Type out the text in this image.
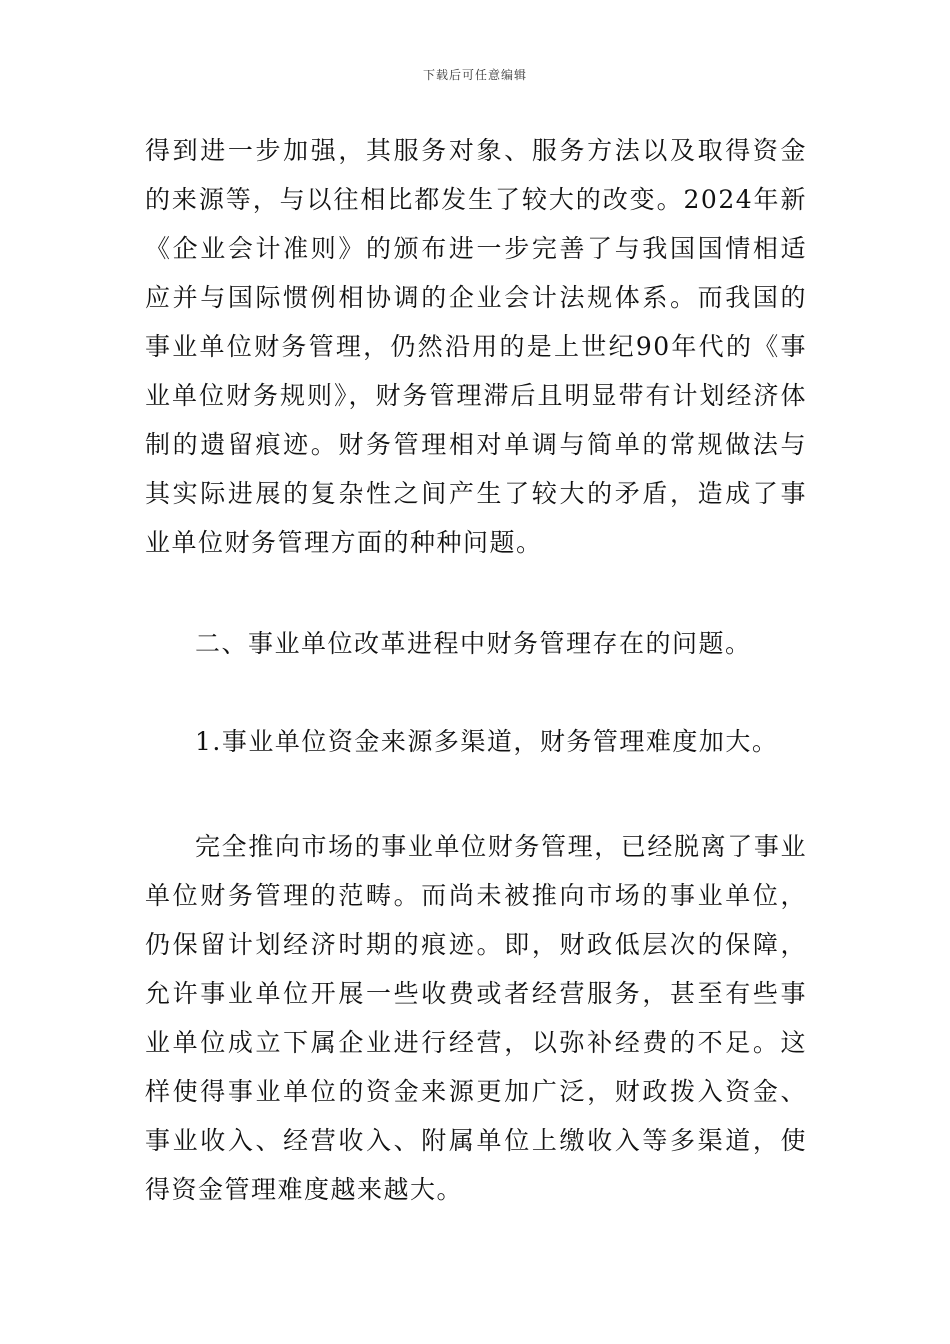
下载后可任意编辑

得到进一步加强，其服务对象、服务方法以及取得资金的来源等，与以往相比都发生了较大的改变。2024年新《企业会计准则》的颁布进一步完善了与我国国情相适应并与国际惯例相协调的企业会计法规体系。而我国的事业单位财务管理，仍然沿用的是上世纪90年代的《事业单位财务规则》，财务管理滞后且明显带有计划经济体制的遗留痕迹。财务管理相对单调与简单的常规做法与其实际进展的复杂性之间产生了较大的矛盾，造成了事业单位财务管理方面的种种问题。

二、事业单位改革进程中财务管理存在的问题。

1.事业单位资金来源多渠道，财务管理难度加大。

完全推向市场的事业单位财务管理，已经脱离了事业单位财务管理的范畴。而尚未被推向市场的事业单位，仍保留计划经济时期的痕迹。即，财政低层次的保障，允许事业单位开展一些收费或者经营服务，甚至有些事业单位成立下属企业进行经营，以弥补经费的不足。这样使得事业单位的资金来源更加广泛，财政拨入资金、事业收入、经营收入、附属单位上缴收入等多渠道，使得资金管理难度越来越大。
